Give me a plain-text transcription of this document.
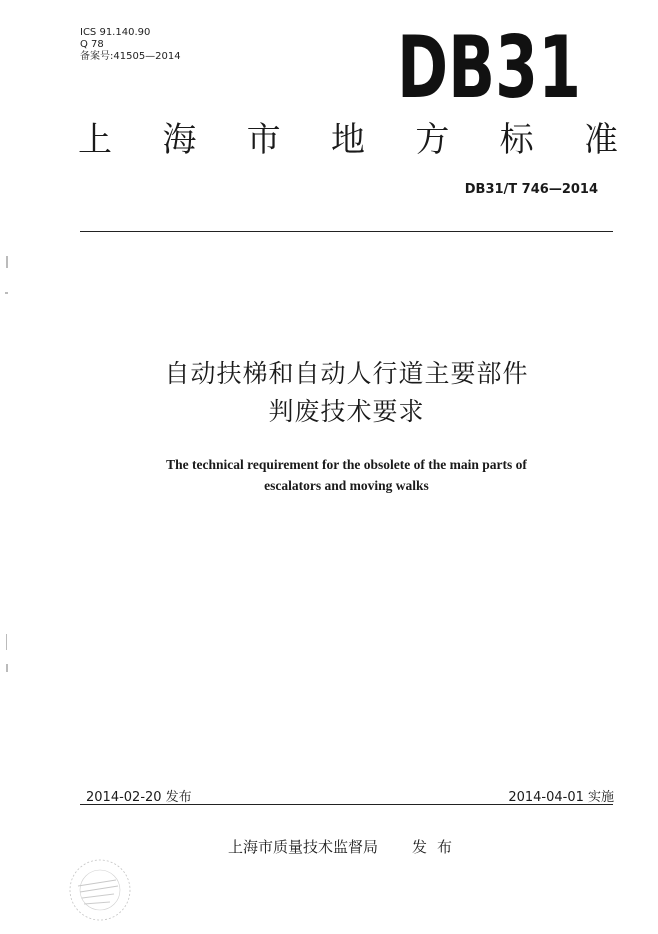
ICS 91.140.90
Q 78
备案号:41505—2014	DB31
上 海 市 地 方 标 准
DB31/T 746—2014
自动扶梯和自动人行道主要部件
判废技术要求
The technical requirement for the obsolete of the main parts of
escalators and moving walks
2014-02-20 发布	2014-04-01 实施
上海市质量技术监督局 发布
